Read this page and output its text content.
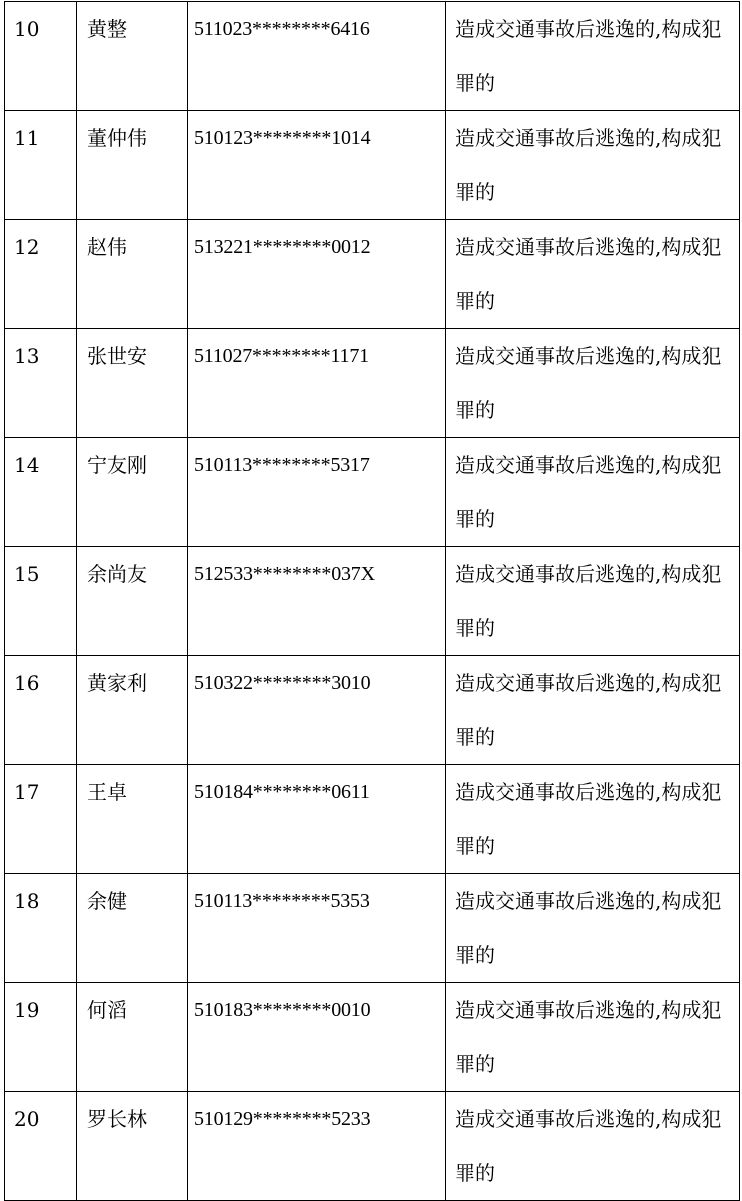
10	黄整	511023********6416	造成交通事故后逃逸的,构成犯罪的

11	董仲伟	510123********1014	造成交通事故后逃逸的,构成犯罪的

12	赵伟	513221********0012	造成交通事故后逃逸的,构成犯罪的

13	张世安	511027********1171	造成交通事故后逃逸的,构成犯罪的

14	宁友刚	510113********5317	造成交通事故后逃逸的,构成犯罪的

15	余尚友	512533********037X	造成交通事故后逃逸的,构成犯罪的

16	黄家利	510322********3010	造成交通事故后逃逸的,构成犯罪的

17	王卓	510184********0611	造成交通事故后逃逸的,构成犯罪的

18	余健	510113********5353	造成交通事故后逃逸的,构成犯罪的

19	何滔	510183********0010	造成交通事故后逃逸的,构成犯罪的

20	罗长林	510129********5233	造成交通事故后逃逸的,构成犯罪的
